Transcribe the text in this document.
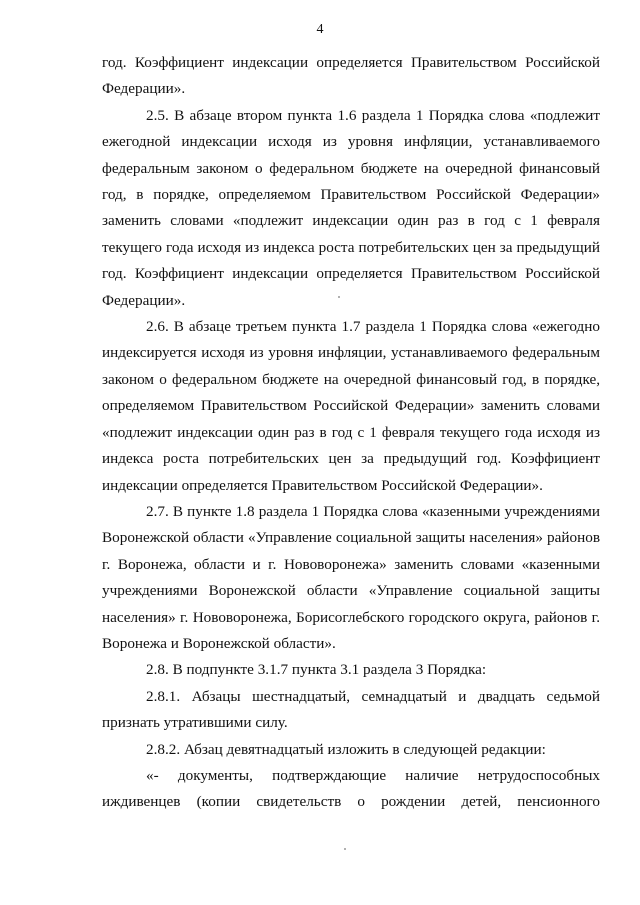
4

год. Коэффициент индексации определяется Правительством Российской Федерации».

2.5. В абзаце втором пункта 1.6 раздела 1 Порядка слова «подлежит ежегодной индексации исходя из уровня инфляции, устанавливаемого федеральным законом о федеральном бюджете на очередной финансовый год, в порядке, определяемом Правительством Российской Федерации» заменить словами «подлежит индексации один раз в год с 1 февраля текущего года исходя из индекса роста потребительских цен за предыдущий год. Коэффициент индексации определяется Правительством Российской Федерации».

2.6. В абзаце третьем пункта 1.7 раздела 1 Порядка слова «ежегодно индексируется исходя из уровня инфляции, устанавливаемого федеральным законом о федеральном бюджете на очередной финансовый год, в порядке, определяемом Правительством Российской Федерации» заменить словами «подлежит индексации один раз в год с 1 февраля текущего года исходя из индекса роста потребительских цен за предыдущий год. Коэффициент индексации определяется Правительством Российской Федерации».

2.7. В пункте 1.8 раздела 1 Порядка слова «казенными учреждениями Воронежской области «Управление социальной защиты населения» районов г. Воронежа, области и г. Нововоронежа» заменить словами «казенными учреждениями Воронежской области «Управление социальной защиты населения» г. Нововоронежа, Борисоглебского городского округа, районов г. Воронежа и Воронежской области».

2.8. В подпункте 3.1.7 пункта 3.1 раздела 3 Порядка:

2.8.1. Абзацы шестнадцатый, семнадцатый и двадцать седьмой признать утратившими силу.

2.8.2. Абзац девятнадцатый изложить в следующей редакции:

«- документы, подтверждающие наличие нетрудоспособных иждивенцев (копии свидетельств о рождении детей, пенсионного
